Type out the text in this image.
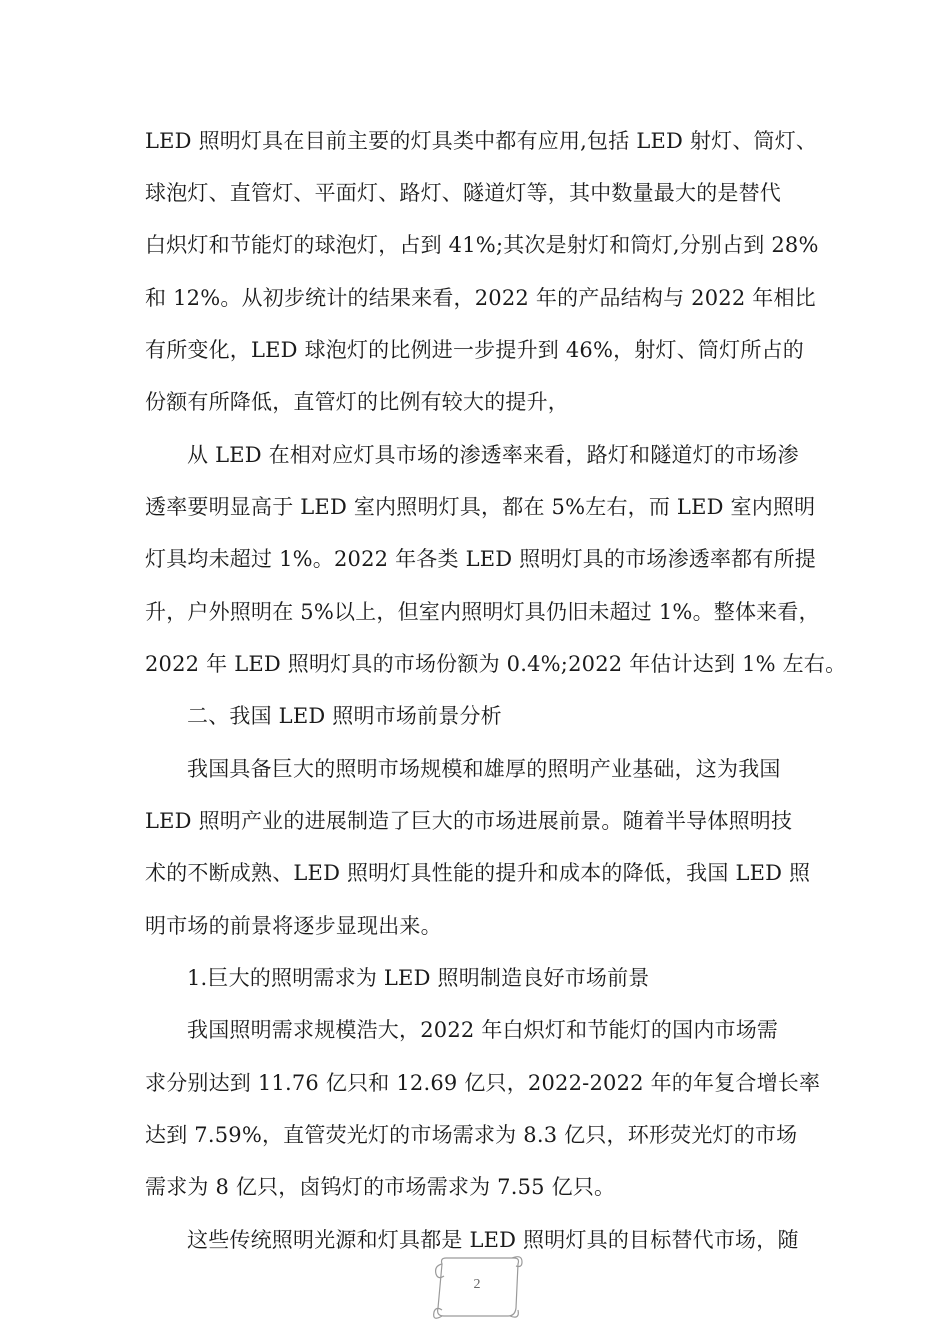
LED 照明灯具在目前主要的灯具类中都有应用,包括 LED 射灯、筒灯、
球泡灯、直管灯、平面灯、路灯、隧道灯等，其中数量最大的是替代
白炽灯和节能灯的球泡灯，占到 41%;其次是射灯和筒灯,分别占到 28%
和 12%。从初步统计的结果来看，2022 年的产品结构与 2022 年相比
有所变化，LED 球泡灯的比例进一步提升到 46%，射灯、筒灯所占的
份额有所降低，直管灯的比例有较大的提升，
从 LED 在相对应灯具市场的渗透率来看，路灯和隧道灯的市场渗
透率要明显高于 LED 室内照明灯具，都在 5%左右，而 LED 室内照明
灯具均未超过 1%。2022 年各类 LED 照明灯具的市场渗透率都有所提
升，户外照明在 5%以上，但室内照明灯具仍旧未超过 1%。整体来看，
2022 年 LED 照明灯具的市场份额为 0.4%;2022 年估计达到 1% 左右。
二、我国 LED 照明市场前景分析
我国具备巨大的照明市场规模和雄厚的照明产业基础，这为我国
LED 照明产业的进展制造了巨大的市场进展前景。随着半导体照明技
术的不断成熟、LED 照明灯具性能的提升和成本的降低，我国 LED 照
明市场的前景将逐步显现出来。
1.巨大的照明需求为 LED 照明制造良好市场前景
我国照明需求规模浩大，2022 年白炽灯和节能灯的国内市场需
求分别达到 11.76 亿只和 12.69 亿只，2022-2022 年的年复合增长率
达到 7.59%，直管荧光灯的市场需求为 8.3 亿只，环形荧光灯的市场
需求为 8 亿只，卤钨灯的市场需求为 7.55 亿只。
这些传统照明光源和灯具都是 LED 照明灯具的目标替代市场，随
2
